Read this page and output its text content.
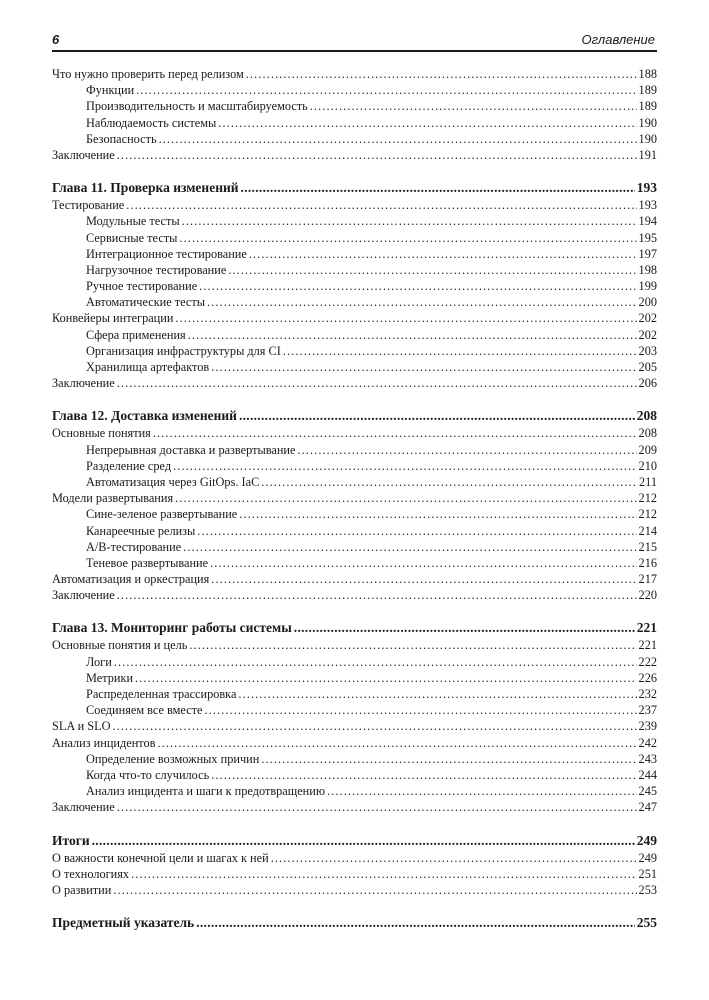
6	Оглавление
Что нужно проверить перед релизом .....	188
Функции .....	189
Производительность и масштабируемость .....	189
Наблюдаемость системы .....	190
Безопасность .....	190
Заключение .....	191
Глава 11. Проверка изменений .....	193
Тестирование .....	193
Модульные тесты .....	194
Сервисные тесты .....	195
Интеграционное тестирование .....	197
Нагрузочное тестирование .....	198
Ручное тестирование .....	199
Автоматические тесты .....	200
Конвейеры интеграции .....	202
Сфера применения .....	202
Организация инфраструктуры для CI .....	203
Хранилища артефактов .....	205
Заключение .....	206
Глава 12. Доставка изменений .....	208
Основные понятия .....	208
Непрерывная доставка и развертывание .....	209
Разделение сред .....	210
Автоматизация через GitOps. IaC .....	211
Модели развертывания .....	212
Сине-зеленое развертывание .....	212
Канареечные релизы .....	214
A/B-тестирование .....	215
Теневое развертывание .....	216
Автоматизация и оркестрация .....	217
Заключение .....	220
Глава 13. Мониторинг работы системы .....	221
Основные понятия и цель .....	221
Логи .....	222
Метрики .....	226
Распределенная трассировка .....	232
Соединяем все вместе .....	237
SLA и SLO .....	239
Анализ инцидентов .....	242
Определение возможных причин .....	243
Когда что-то случилось .....	244
Анализ инцидента и шаги к предотвращению .....	245
Заключение .....	247
Итоги .....	249
О важности конечной цели и шагах к ней .....	249
О технологиях .....	251
О развитии .....	253
Предметный указатель .....	255
